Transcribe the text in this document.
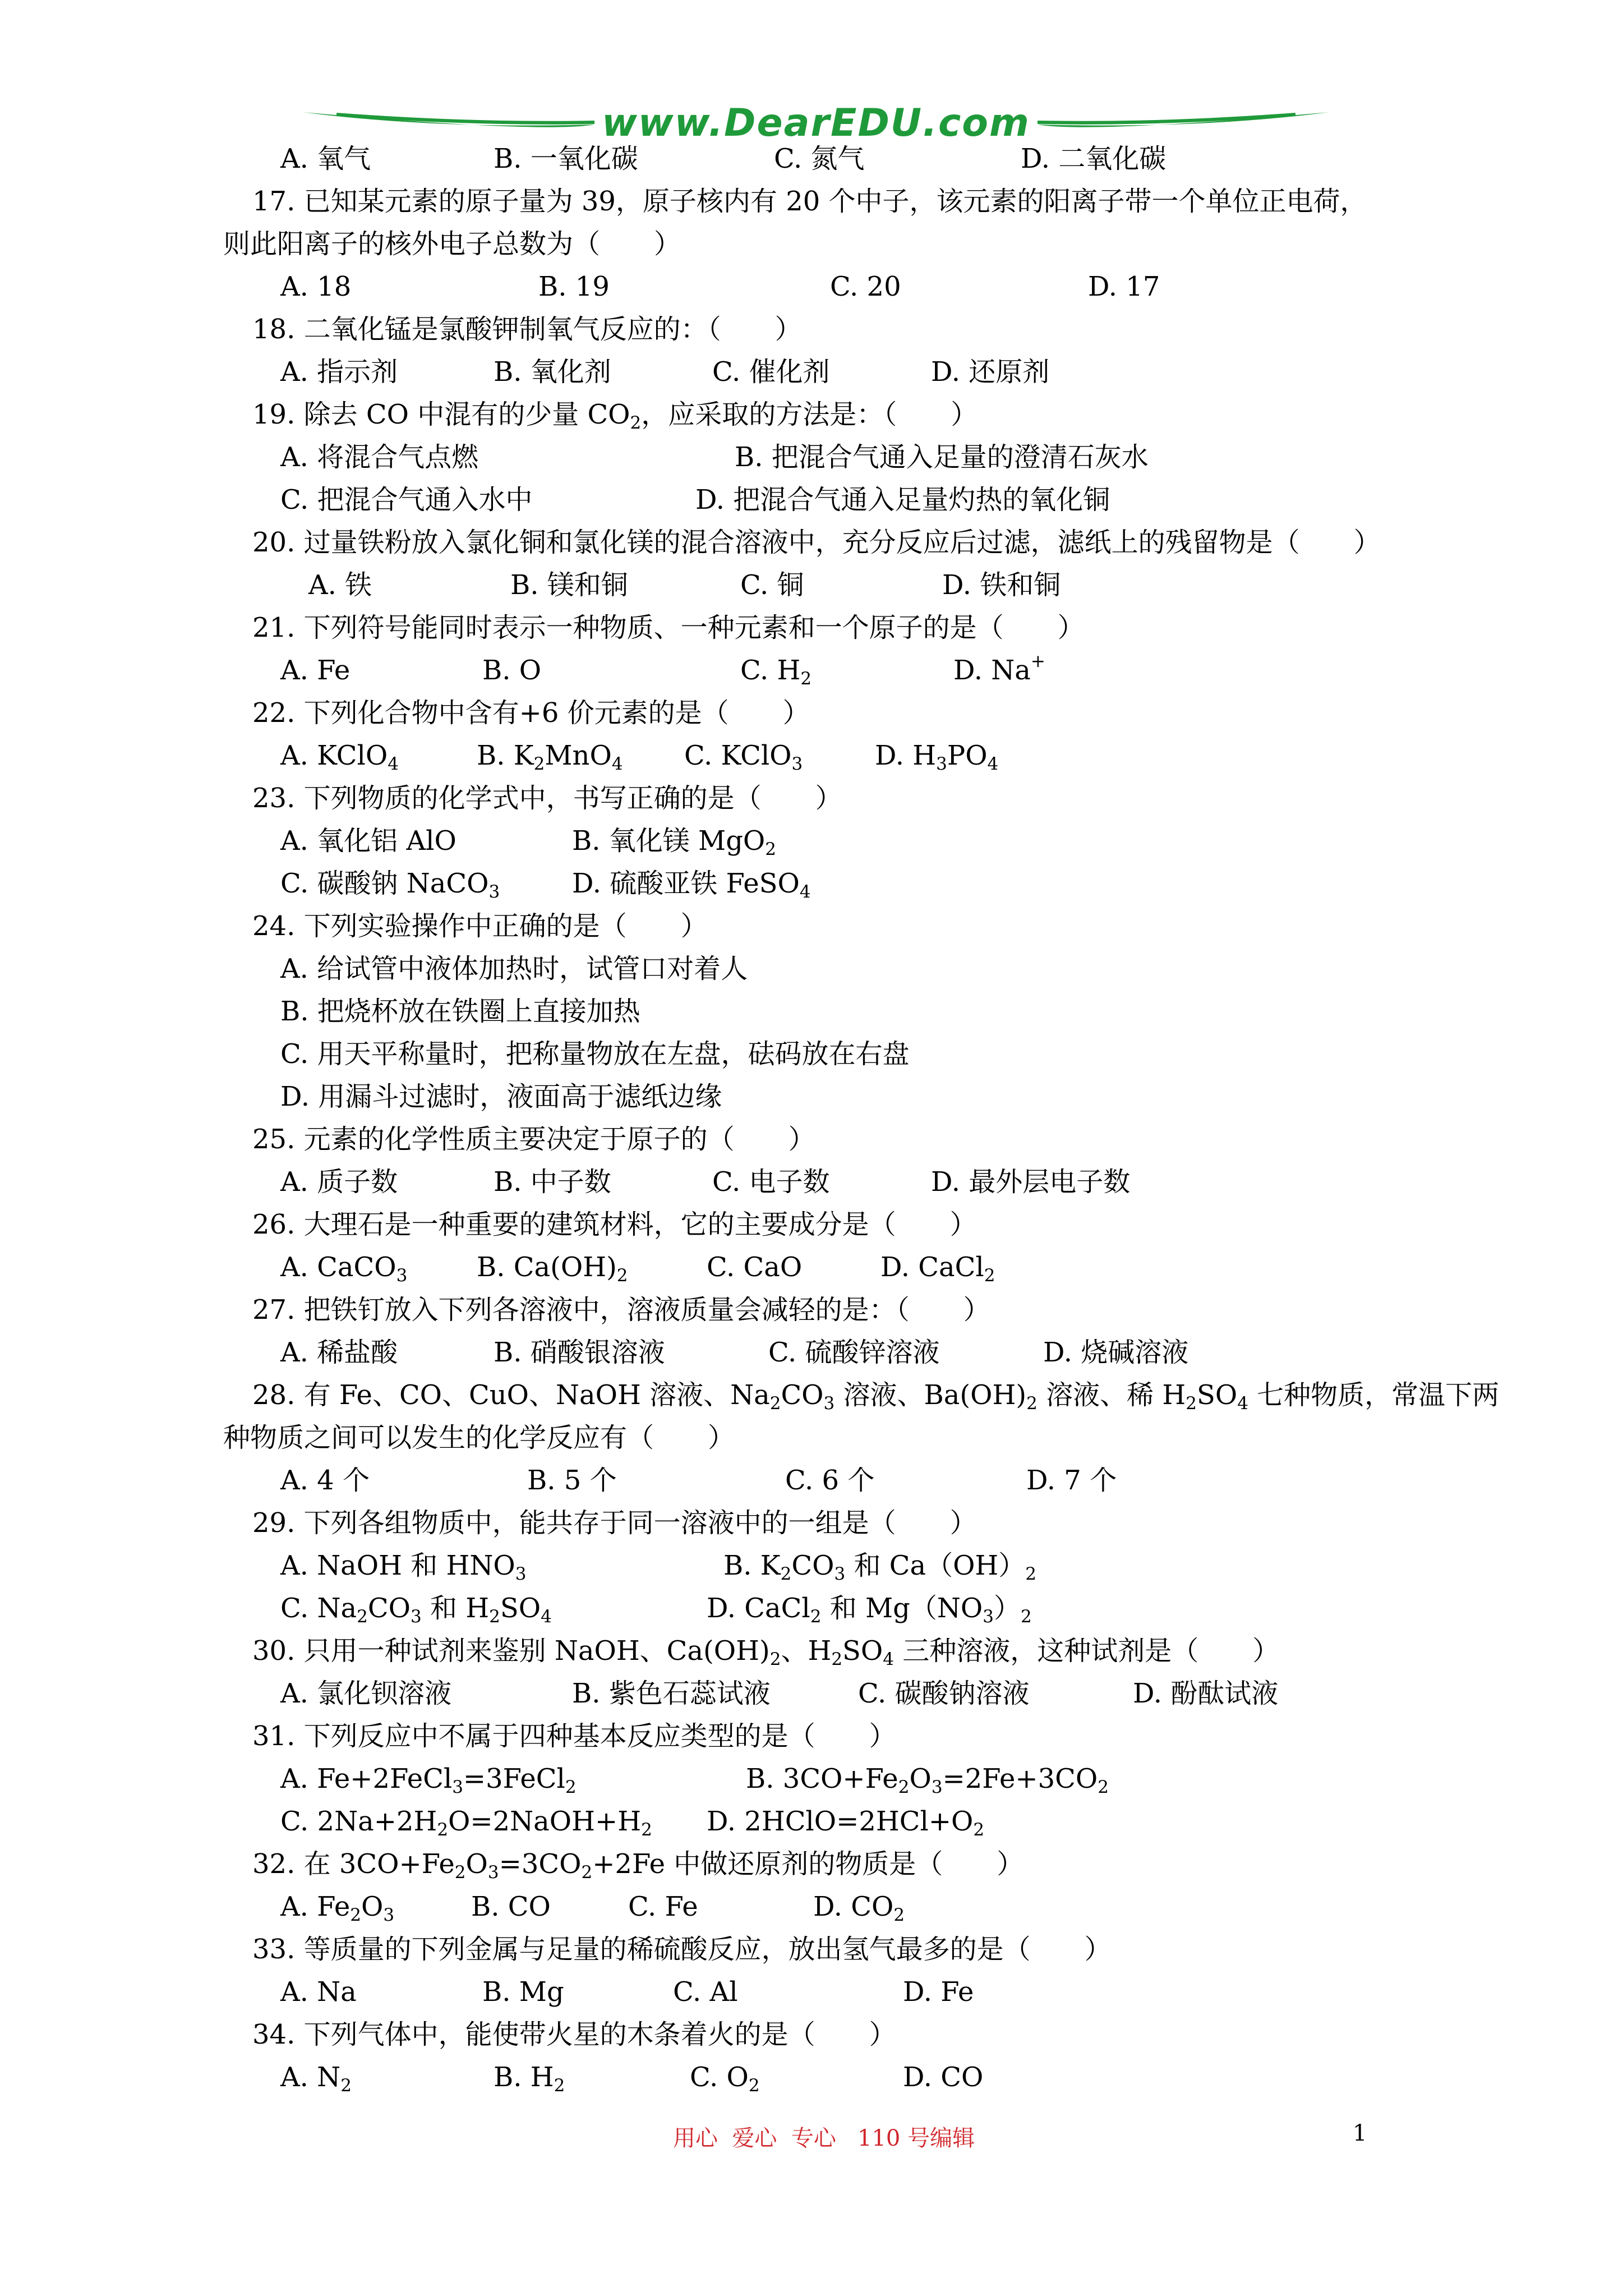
www.DearEDU.com
A. 氧气	B. 一氧化碳	C. 氮气	D. 二氧化碳
17. 已知某元素的原子量为 39，原子核内有 20 个中子，该元素的阳离子带一个单位正电荷，
则此阳离子的核外电子总数为（　　）
A. 18	B. 19	C. 20	D. 17
18. 二氧化锰是氯酸钾制氧气反应的：（　　）
A. 指示剂	B. 氧化剂	C. 催化剂	D. 还原剂
19. 除去 CO 中混有的少量 $CO_2$，应采取的方法是：（　　）
A. 将混合气点燃	B. 把混合气通入足量的澄清石灰水
C. 把混合气通入水中	D. 把混合气通入足量灼热的氧化铜
20. 过量铁粉放入氯化铜和氯化镁的混合溶液中，充分反应后过滤，滤纸上的残留物是（　　）
A. 铁	B. 镁和铜	C. 铜	D. 铁和铜
21. 下列符号能同时表示一种物质、一种元素和一个原子的是（　　）
A. Fe	B. O	C. $H_2$	D. Na+
22. 下列化合物中含有+6 价元素的是（　　）
A. KClO$_4$	B. $K_2MnO_4$ C. KClO$_3$	D. $H_3PO_4$
23. 下列物质的化学式中，书写正确的是（　　）
A. 氧化铝 AlO	B. 氧化镁 MgO$_2$
C. 碳酸钠 NaCO$_3$	D. 硫酸亚铁 FeSO$_4$
24. 下列实验操作中正确的是（　　）
A. 给试管中液体加热时，试管口对着人
B. 把烧杯放在铁圈上直接加热
C. 用天平称量时，把称量物放在左盘，砝码放在右盘
D. 用漏斗过滤时，液面高于滤纸边缘
25. 元素的化学性质主要决定于原子的（　　）
A. 质子数	B. 中子数	C. 电子数	D. 最外层电子数
26. 大理石是一种重要的建筑材料，它的主要成分是（　　）
A. CaCO$_3$	B. $Ca(OH)_2$	C. CaO	D. CaCl$_2$
27. 把铁钉放入下列各溶液中，溶液质量会减轻的是：（　　）
A. 稀盐酸	B. 硝酸银溶液	C. 硫酸锌溶液	D. 烧碱溶液
28. 有 Fe、CO、CuO、NaOH 溶液、$Na_2CO_3$ 溶液、$Ba(OH)_2$ 溶液、稀 $H_2SO_4$ 七种物质，常温下两
种物质之间可以发生的化学反应有（　　）
A. 4 个	B. 5 个	C. 6 个	D. 7 个
29. 下列各组物质中，能共存于同一溶液中的一组是（　　）
A. NaOH 和 $HNO_3$	B. $K_2CO_3$ 和 $Ca(OH)_2$
C. $Na_2CO_3$ 和 $H_2SO_4$	D. CaCl$_2$ 和 $Mg(NO_3)_2$
30. 只用一种试剂来鉴别 NaOH、$Ca(OH)_2$、$H_2SO_4$ 三种溶液，这种试剂是（　　）
A. 氯化钡溶液	B. 紫色石蕊试液	C. 碳酸钠溶液	D. 酚酞试液
31. 下列反应中不属于四种基本反应类型的是（　　）
A. Fe+2FeCl$_3$=3FeCl$_2$	B. $3CO+Fe_2O_3=2Fe+3CO_2$
C. $2Na+2H_2O=2NaOH+H_2$ D. $2HClO=2HCl+O_2$
32. 在 $3CO+Fe_2O_3=3CO_2+2Fe$ 中做还原剂的物质是（　　）
A. $Fe_2O_3$	B. CO	C. Fe	D. $CO_2$
33. 等质量的下列金属与足量的稀硫酸反应，放出氢气最多的是（　　）
A. Na	B. Mg	C. Al	D. Fe
34. 下列气体中，能使带火星的木条着火的是（　　）
A. $N_2$	B. $H_2$	C. $O_2$	D. CO
用心  爱心  专心   110 号编辑	1
